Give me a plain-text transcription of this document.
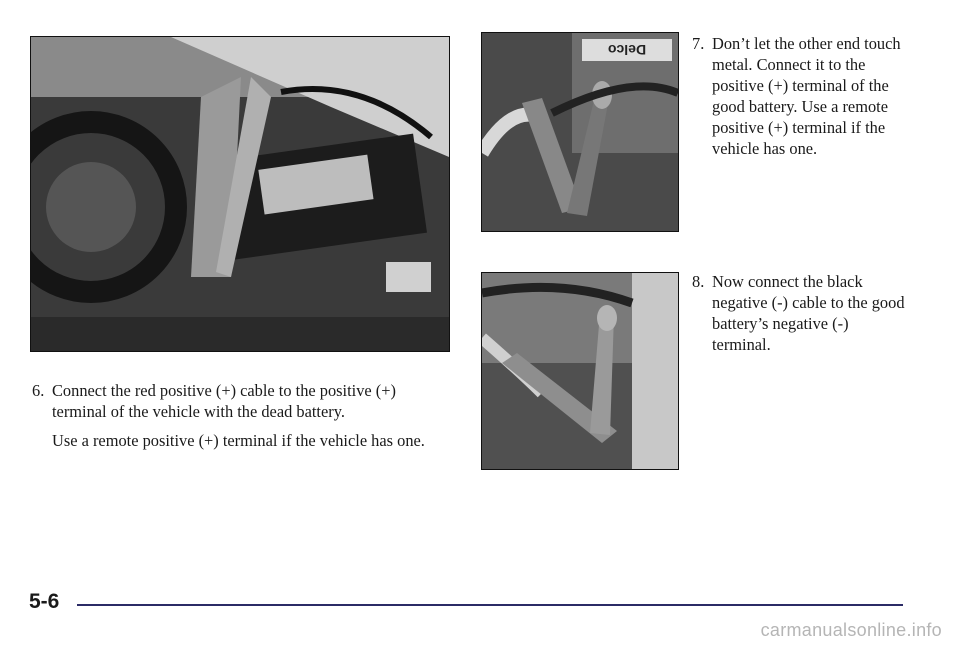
Delco
6. Connect the red positive (+) cable to the positive (+) terminal of the vehicle with the dead battery.

Use a remote positive (+) terminal if the vehicle has one.

7. Don’t let the other end touch metal. Connect it to the positive (+) terminal of the good battery. Use a remote positive (+) terminal if the vehicle has one.

8. Now connect the black negative (-) cable to the good battery’s negative (-) terminal.

5-6
carmanualsonline.info
